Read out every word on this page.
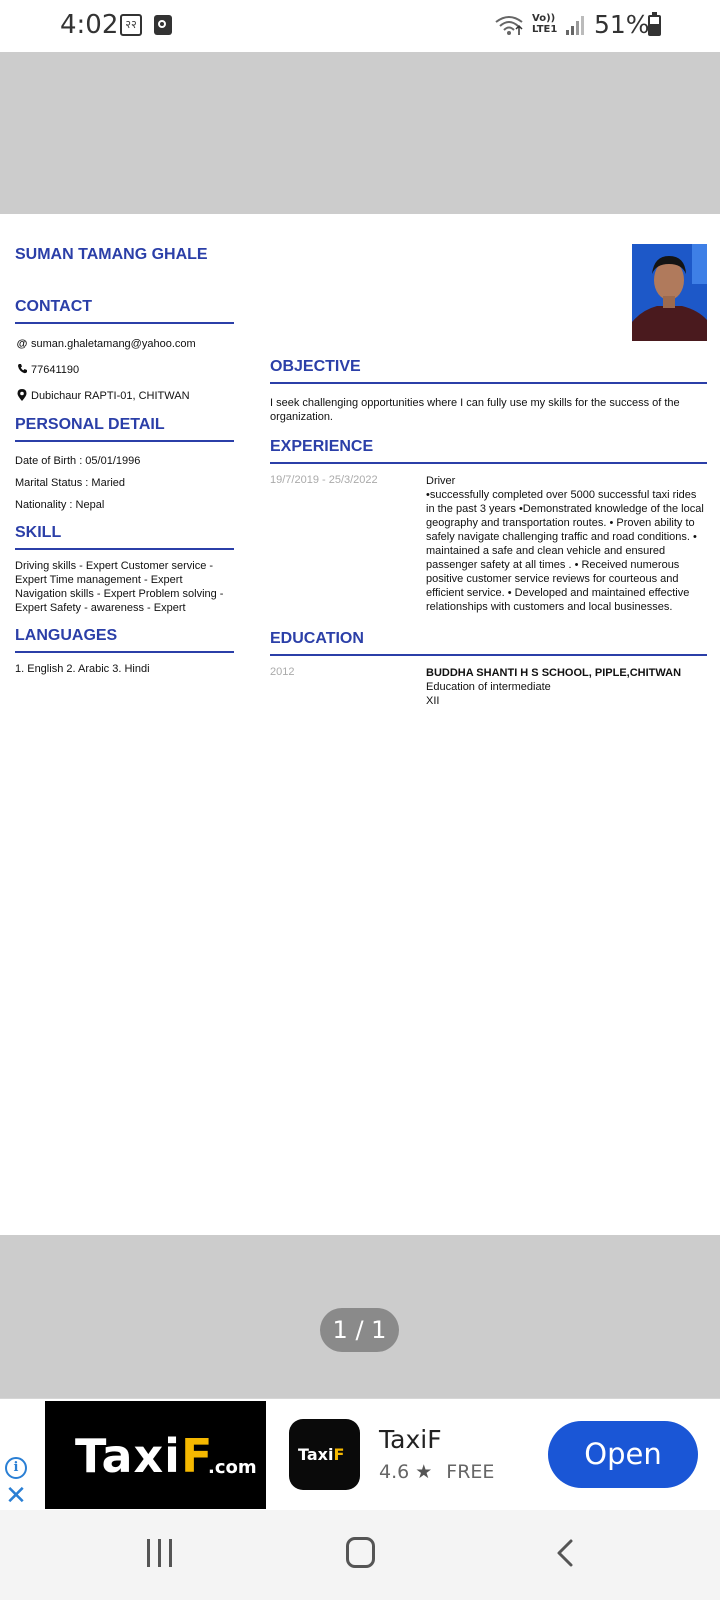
4:02 २२	Vo)) LTE1 51%
SUMAN TAMANG GHALE
CONTACT
@ suman.ghaletamang@yahoo.com
77641190
Dubichaur RAPTI-01, CHITWAN
PERSONAL DETAIL
Date of Birth : 05/01/1996
Marital Status : Maried
Nationality : Nepal
SKILL
Driving skills - Expert Customer service - Expert Time management - Expert Navigation skills - Expert Problem solving - Expert Safety - awareness - Expert
LANGUAGES
1. English 2. Arabic 3. Hindi
OBJECTIVE
I seek challenging opportunities where I can fully use my skills for the success of the organization.
EXPERIENCE
19/7/2019 - 25/3/2022	Driver
•successfully completed over 5000 successful taxi rides in the past 3 years •Demonstrated knowledge of the local geography and transportation routes. • Proven ability to safely navigate challenging traffic and road conditions. • maintained a safe and clean vehicle and ensured passenger safety at all times . • Received numerous positive customer service reviews for courteous and efficient service. • Developed and maintained effective relationships with customers and local businesses.
EDUCATION
2012	BUDDHA SHANTI H S SCHOOL, PIPLE,CHITWAN
Education of intermediate
XII
1 / 1
i
✕
TaxiF
.com
TaxiF
TaxiF
4.6 ★ FREE
Open
